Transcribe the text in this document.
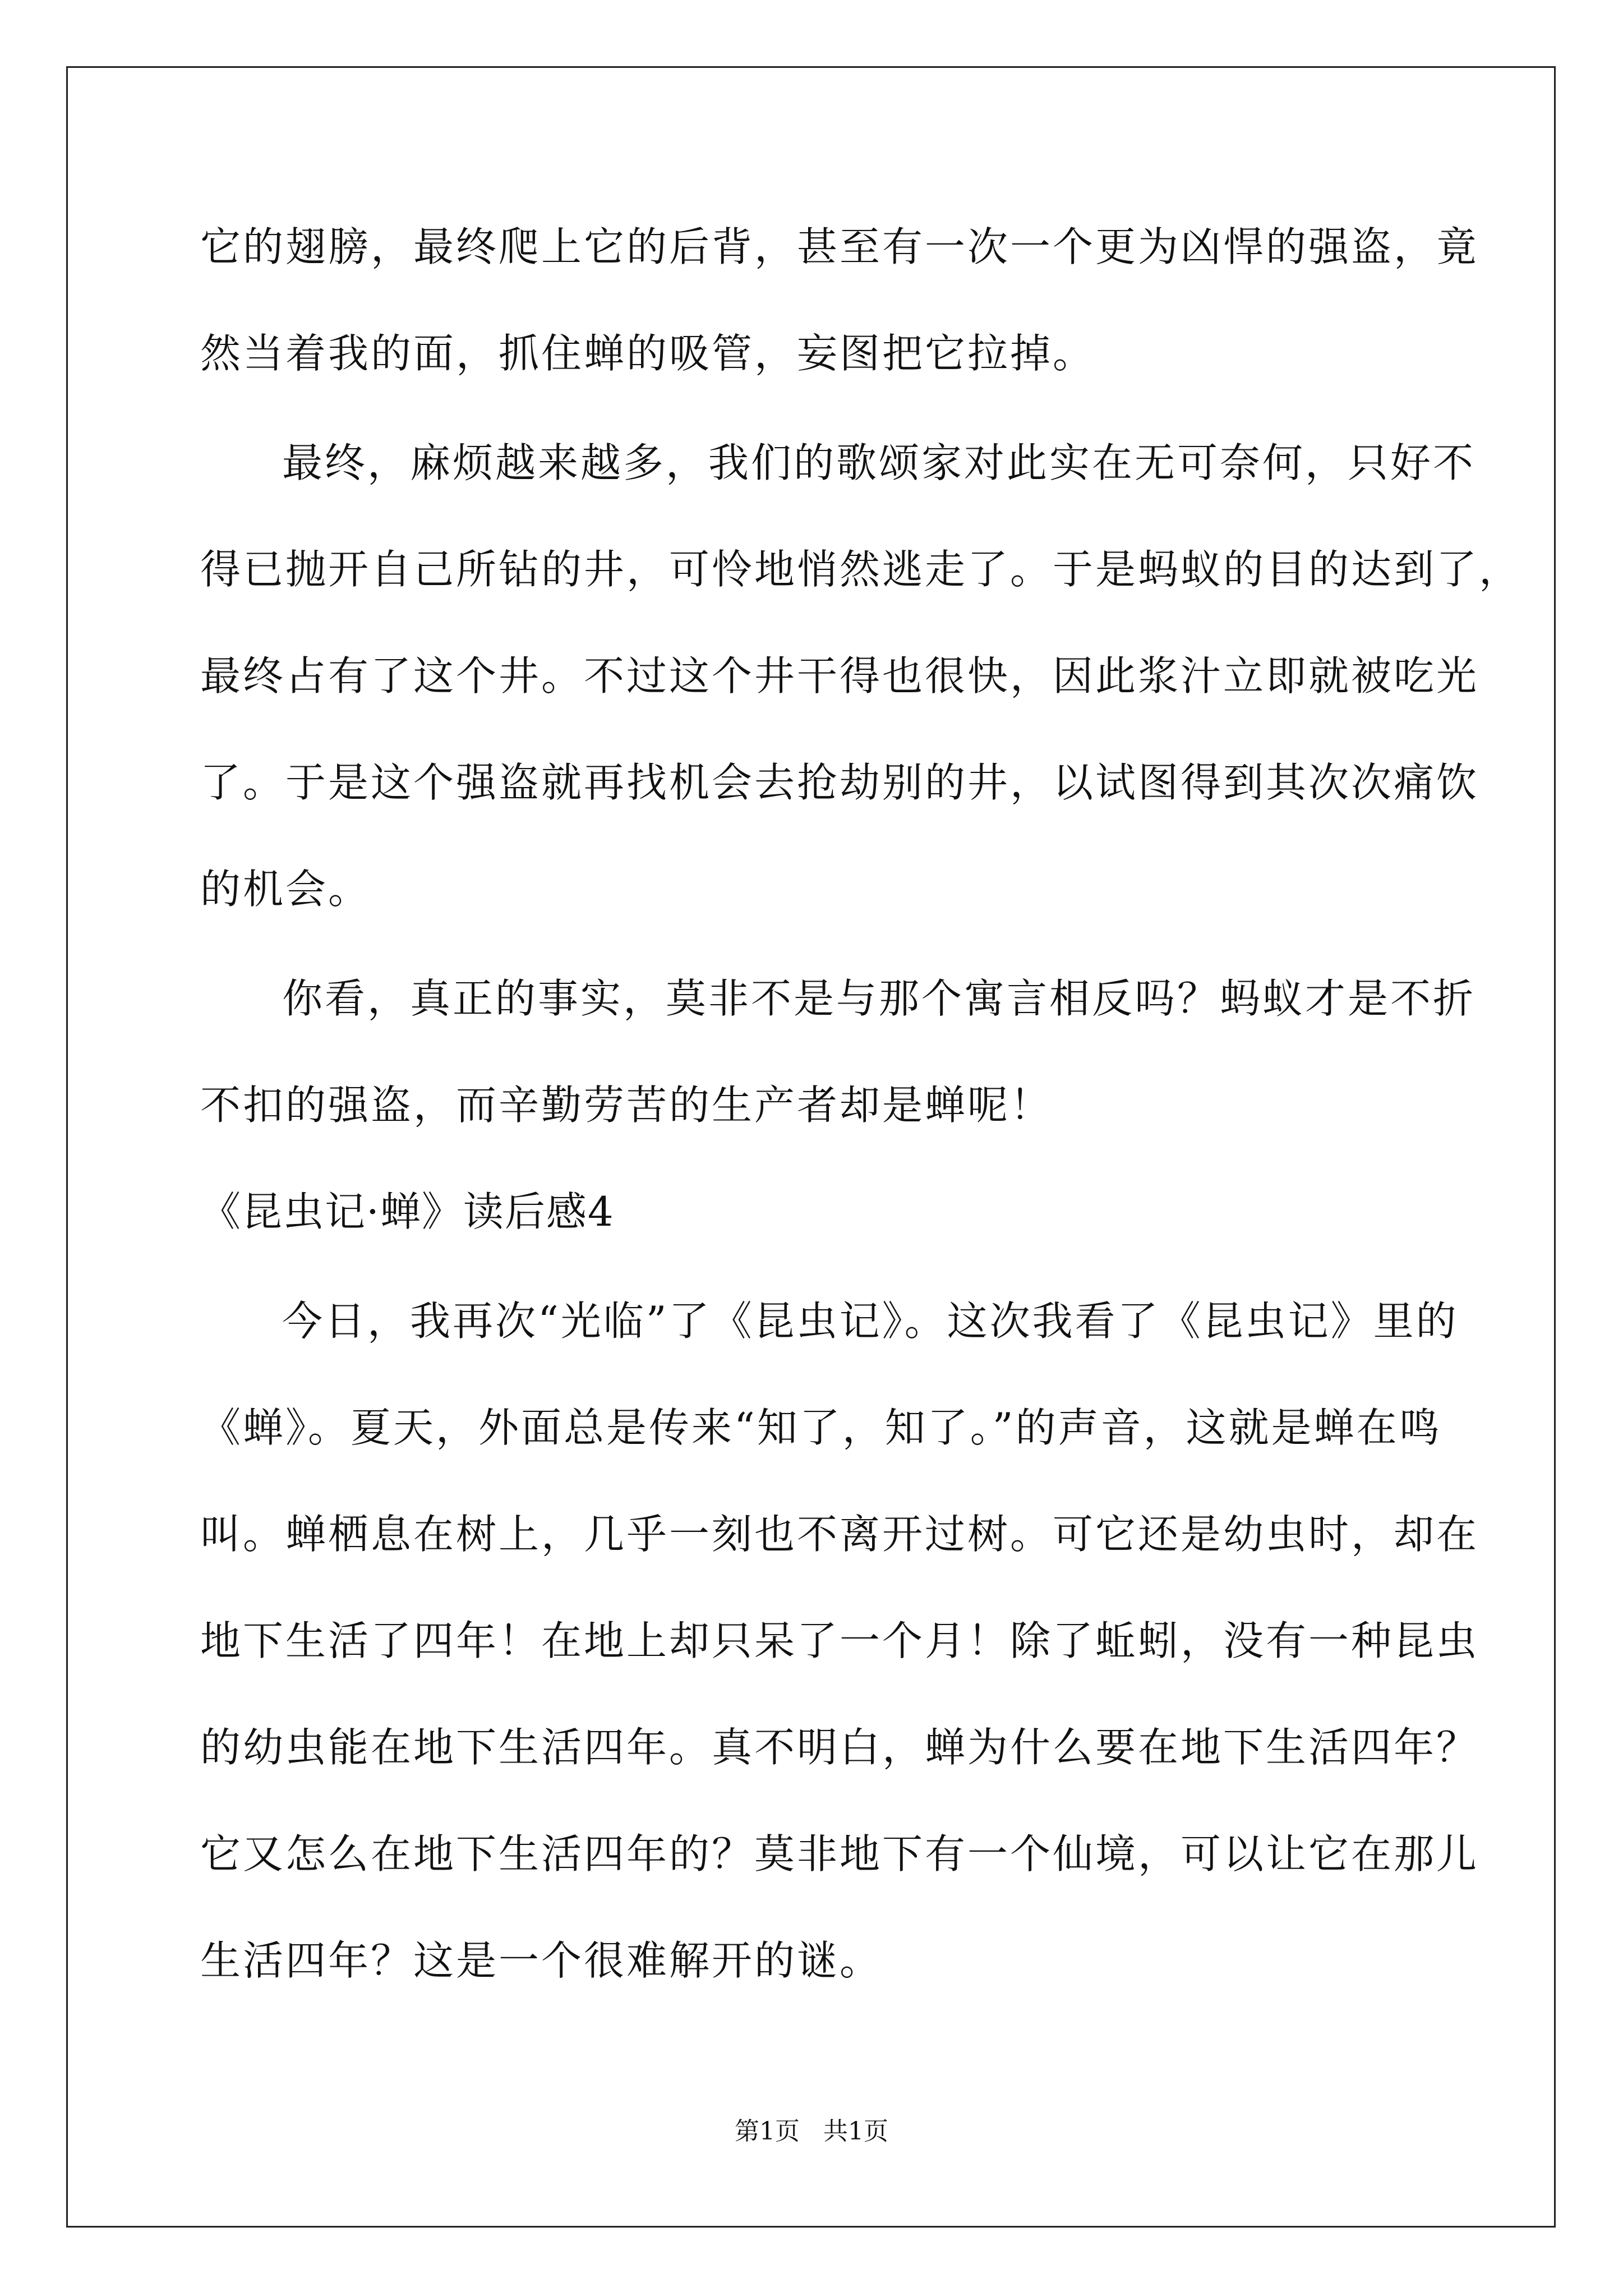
它的翅膀，最终爬上它的后背，甚至有一次一个更为凶悍的强盗，竟
然当着我的面，抓住蝉的吸管，妄图把它拉掉。
最终，麻烦越来越多，我们的歌颂家对此实在无可奈何，只好不
得已抛开自己所钻的井，可怜地悄然逃走了。于是蚂蚁的目的达到了，
最终占有了这个井。不过这个井干得也很快，因此浆汁立即就被吃光
了。于是这个强盗就再找机会去抢劫别的井，以试图得到其次次痛饮
的机会。
你看，真正的事实，莫非不是与那个寓言相反吗？蚂蚁才是不折
不扣的强盗，而辛勤劳苦的生产者却是蝉呢！
《昆虫记·蝉》读后感4
今日，我再次“光临”了《昆虫记》。这次我看了《昆虫记》里的
《蝉》。夏天，外面总是传来“知了，知了。”的声音，这就是蝉在鸣
叫。蝉栖息在树上，几乎一刻也不离开过树。可它还是幼虫时，却在
地下生活了四年！在地上却只呆了一个月！除了蚯蚓，没有一种昆虫
的幼虫能在地下生活四年。真不明白，蝉为什么要在地下生活四年？
它又怎么在地下生活四年的？莫非地下有一个仙境，可以让它在那儿
生活四年？这是一个很难解开的谜。
第1页   共1页
